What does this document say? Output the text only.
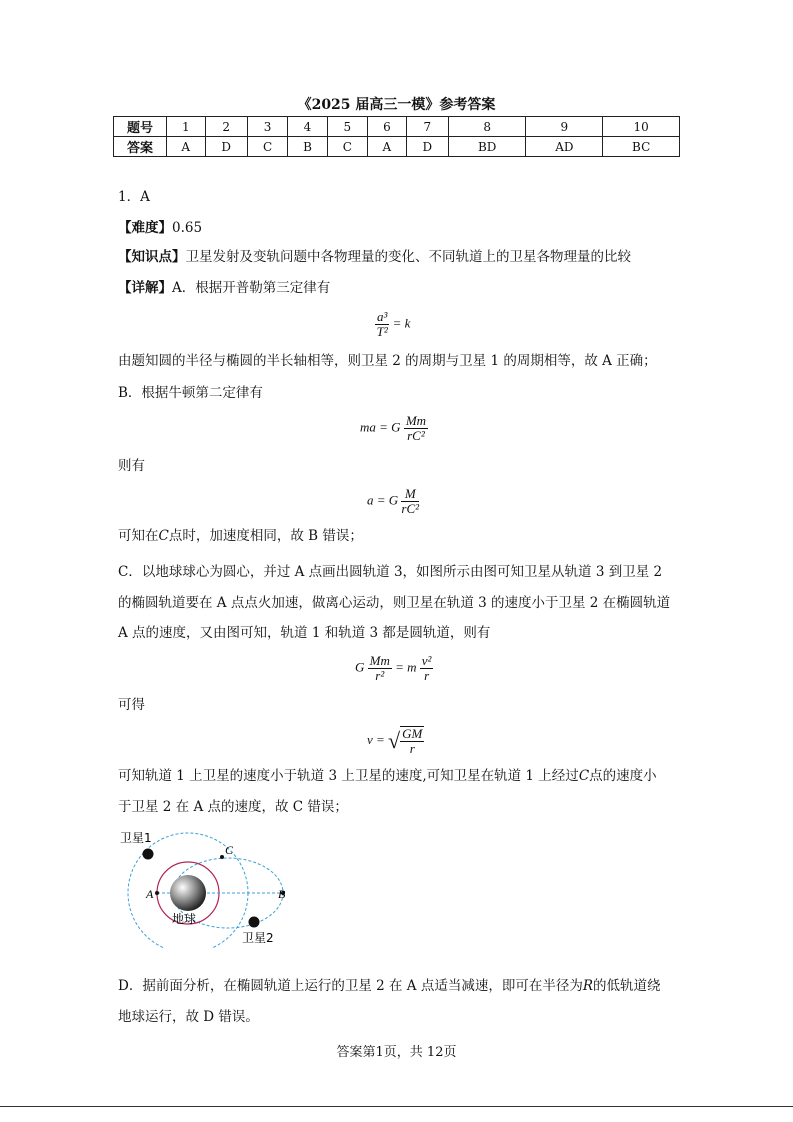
《2025 届高三一模》参考答案
题号	1	2	3	4	5	6	7	8	9	10
答案	A	D	C	B	C	A	D	BD	AD	BC
1．A
【难度】0.65
【知识点】卫星发射及变轨问题中各物理量的变化、不同轨道上的卫星各物理量的比较
【详解】A．根据开普勒第三定律有
$\frac{\text{a³}}{\text{T²}} = k$
由题知圆的半径与椭圆的半长轴相等，则卫星 2 的周期与卫星 1 的周期相等，故 A 正确；
B．根据牛顿第二定律有
ma = G $\frac{Mm}{\text{rC²}}$
则有
a = G $\frac{M}{\text{rC²}}$
可知在C点时，加速度相同，故 B 错误；
C．以地球球心为圆心，并过 A 点画出圆轨道 3，如图所示由图可知卫星从轨道 3 到卫星 2
的椭圆轨道要在 A 点点火加速，做离心运动，则卫星在轨道 3 的速度小于卫星 2 在椭圆轨道
A 点的速度，又由图可知，轨道 1 和轨道 3 都是圆轨道，则有
G $\frac{Mm}{\text{r²}} = m \frac{\text{v²}}{r}$
可得
v = √ $\frac{GM}{r}$
可知轨道 1 上卫星的速度小于轨道 3 上卫星的速度,可知卫星在轨道 1 上经过C点的速度小
于卫星 2 在 A 点的速度，故 C 错误；
卫星1
卫星2
地球
A	B
C
D．据前面分析，在椭圆轨道上运行的卫星 2 在 A 点适当减速，即可在半径为R的低轨道绕
地球运行，故 D 错误。
答案第1页，共 12页
